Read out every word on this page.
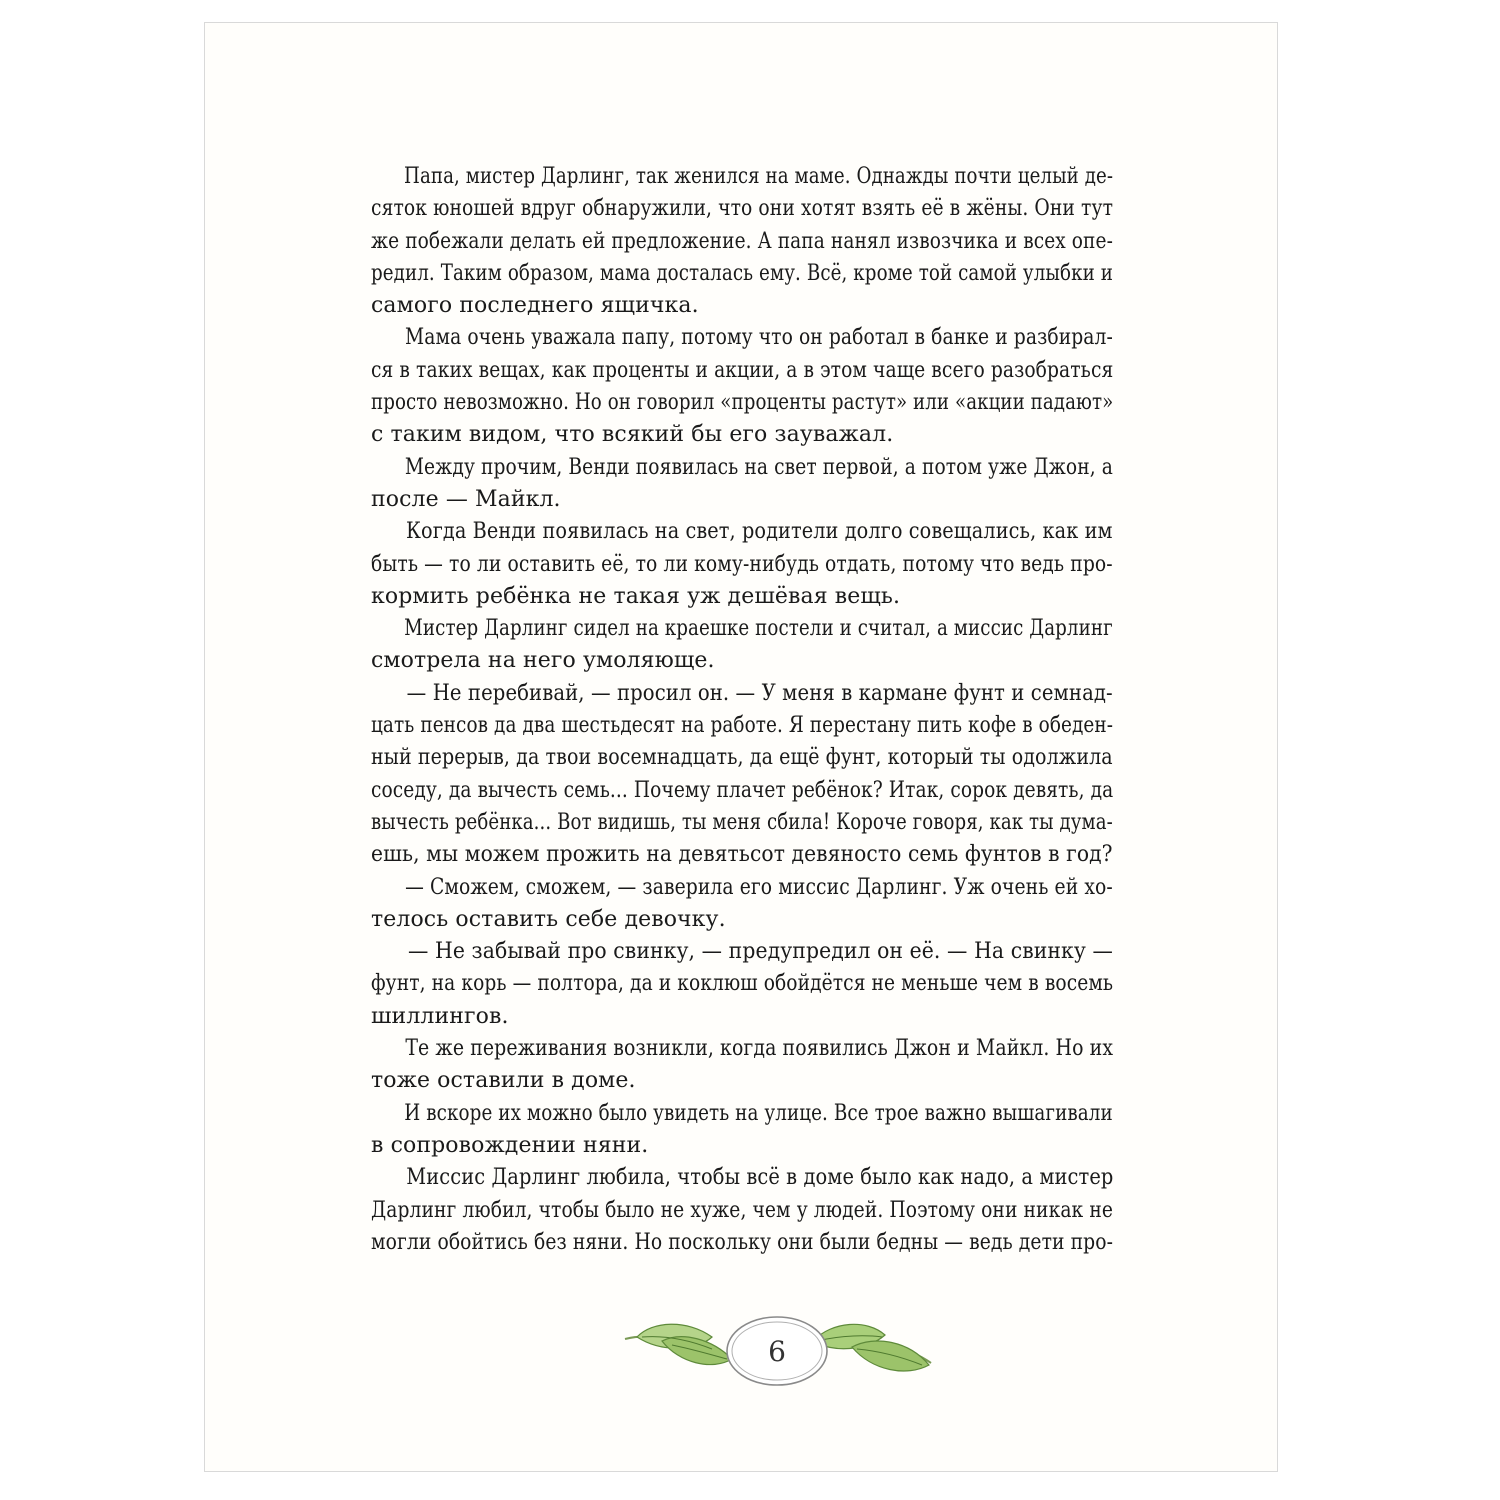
Папа, мистер Дарлинг, так женился на маме. Однажды почти целый де-
сяток юношей вдруг обнаружили, что они хотят взять её в жёны. Они тут
же побежали делать ей предложение. А папа нанял извозчика и всех опе-
редил. Таким образом, мама досталась ему. Всё, кроме той самой улыбки и
самого последнего ящичка.
Мама очень уважала папу, потому что он работал в банке и разбирал-
ся в таких вещах, как проценты и акции, а в этом чаще всего разобраться
просто невозможно. Но он говорил «проценты растут» или «акции падают»
с таким видом, что всякий бы его зауважал.
Между прочим, Венди появилась на свет первой, а потом уже Джон, а
после — Майкл.
Когда Венди появилась на свет, родители долго совещались, как им
быть — то ли оставить её, то ли кому-нибудь отдать, потому что ведь про-
кормить ребёнка не такая уж дешёвая вещь.
Мистер Дарлинг сидел на краешке постели и считал, а миссис Дарлинг
смотрела на него умоляюще.
— Не перебивай, — просил он. — У меня в кармане фунт и семнад-
цать пенсов да два шестьдесят на работе. Я перестану пить кофе в обеден-
ный перерыв, да твои восемнадцать, да ещё фунт, который ты одолжила
соседу, да вычесть семь... Почему плачет ребёнок? Итак, сорок девять, да
вычесть ребёнка... Вот видишь, ты меня сбила! Короче говоря, как ты дума-
ешь, мы можем прожить на девятьсот девяносто семь фунтов в год?
— Сможем, сможем, — заверила его миссис Дарлинг. Уж очень ей хо-
телось оставить себе девочку.
— Не забывай про свинку, — предупредил он её. — На свинку —
фунт, на корь — полтора, да и коклюш обойдётся не меньше чем в восемь
шиллингов.
Те же переживания возникли, когда появились Джон и Майкл. Но их
тоже оставили в доме.
И вскоре их можно было увидеть на улице. Все трое важно вышагивали
в сопровождении няни.
Миссис Дарлинг любила, чтобы всё в доме было как надо, а мистер
Дарлинг любил, чтобы было не хуже, чем у людей. Поэтому они никак не
могли обойтись без няни. Но поскольку они были бедны — ведь дети про-
6
